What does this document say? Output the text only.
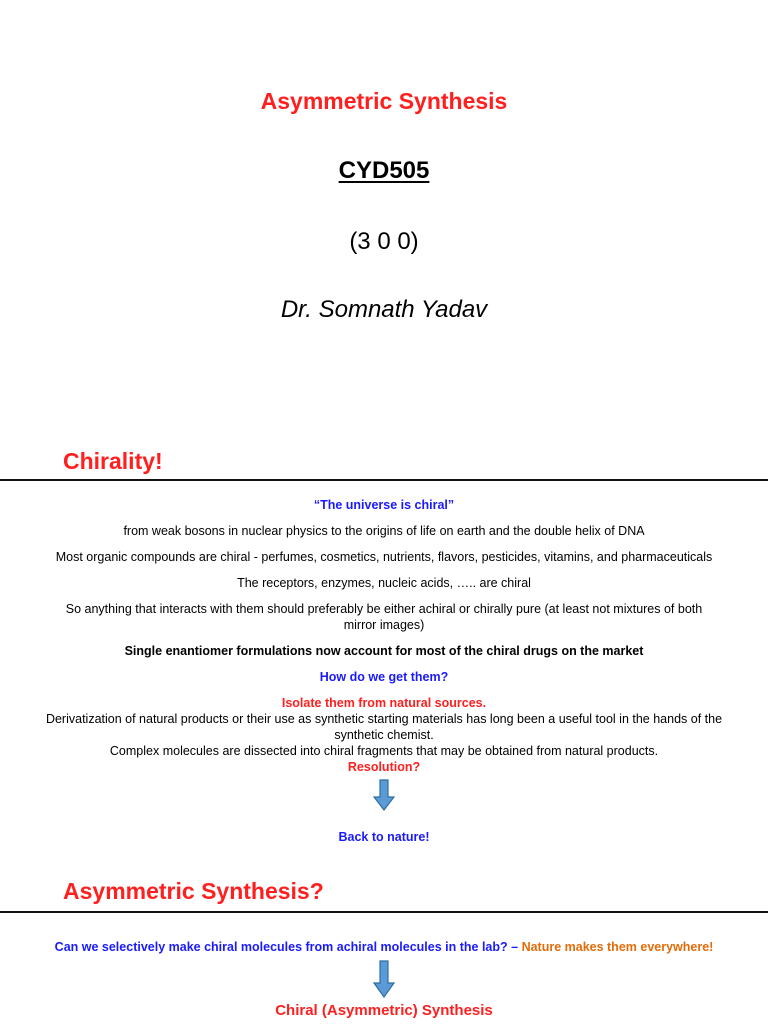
Asymmetric Synthesis
CYD505
(3 0 0)
Dr. Somnath Yadav
Chirality!

“The universe is chiral”

from weak bosons in nuclear physics to the origins of life on earth and the double helix of DNA

Most organic compounds are chiral - perfumes, cosmetics, nutrients, flavors, pesticides, vitamins, and pharmaceuticals

The receptors, enzymes, nucleic acids, ….. are chiral

So anything that interacts with them should preferably be either achiral or chirally pure (at least not mixtures of both mirror images)

Single enantiomer formulations now account for most of the chiral drugs on the market

How do we get them?

Isolate them from natural sources.

Derivatization of natural products or their use as synthetic starting materials has long been a useful tool in the hands of the synthetic chemist.

Complex molecules are dissected into chiral fragments that may be obtained from natural products.

Resolution?

Back to nature!

Asymmetric Synthesis?
Can we selectively make chiral molecules from achiral molecules in the lab? – Nature makes them everywhere!
Chiral (Asymmetric) Synthesis
